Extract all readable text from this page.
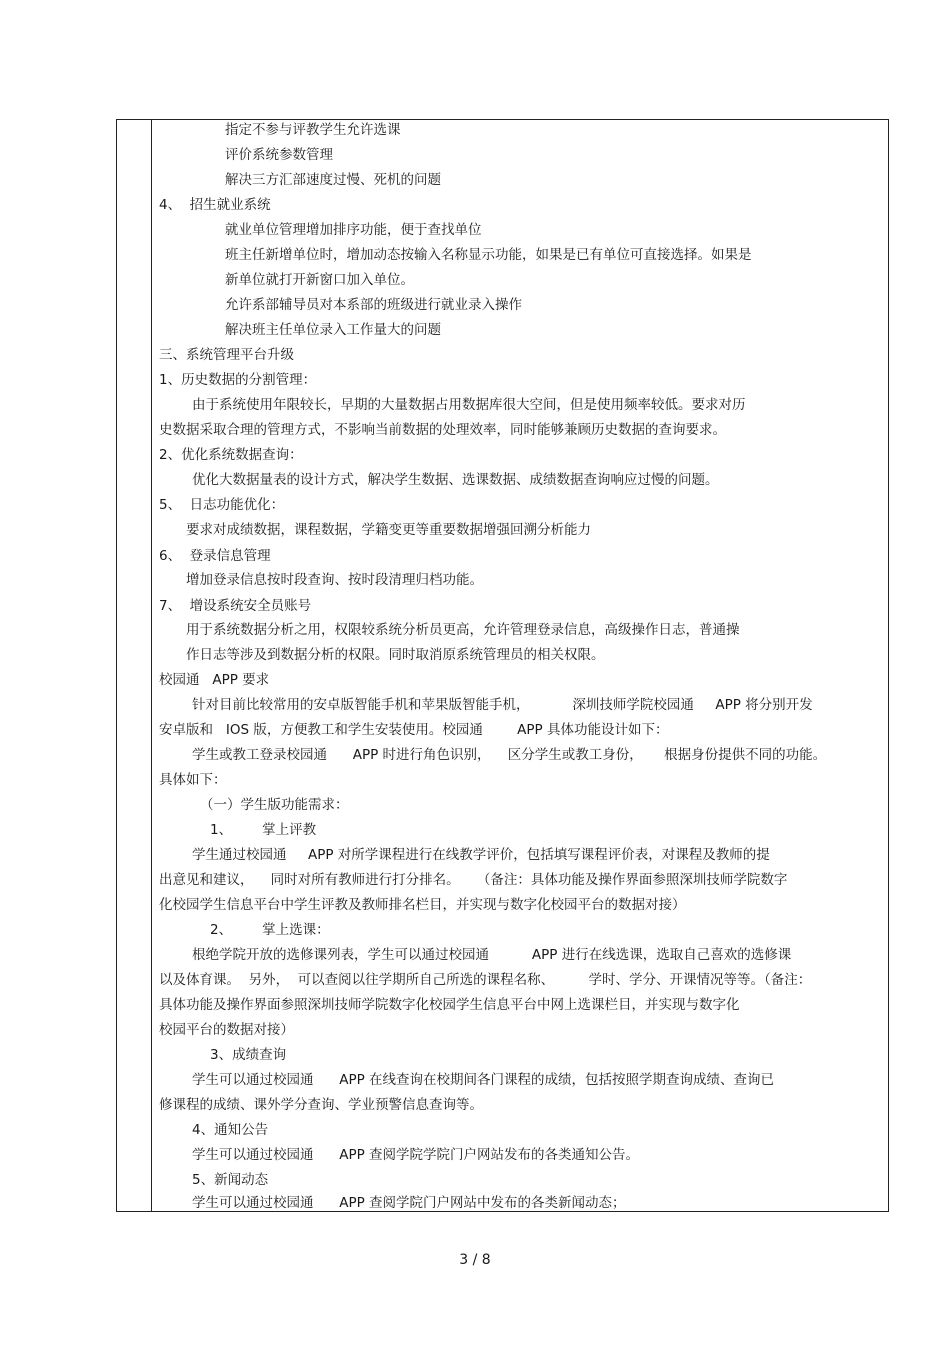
指定不参与评教学生允许选课
评价系统参数管理
解决三方汇部速度过慢、死机的问题
4、  招生就业系统
就业单位管理增加排序功能，便于查找单位
班主任新增单位时，增加动态按输入名称显示功能，如果是已有单位可直接选择。如果是
新单位就打开新窗口加入单位。
允许系部辅导员对本系部的班级进行就业录入操作
解决班主任单位录入工作量大的问题
三、系统管理平台升级
1、历史数据的分割管理：
由于系统使用年限较长，早期的大量数据占用数据库很大空间，但是使用频率较低。要求对历
史数据采取合理的管理方式，不影响当前数据的处理效率，同时能够兼顾历史数据的查询要求。
2、优化系统数据查询：
优化大数据量表的设计方式，解决学生数据、选课数据、成绩数据查询响应过慢的问题。
5、  日志功能优化：
要求对成绩数据，课程数据，学籍变更等重要数据增强回溯分析能力
6、  登录信息管理
增加登录信息按时段查询、按时段清理归档功能。
7、  增设系统安全员账号
用于系统数据分析之用，权限较系统分析员更高，允许管理登录信息，高级操作日志，普通操
作日志等涉及到数据分析的权限。同时取消原系统管理员的相关权限。
校园通   APP 要求
针对目前比较常用的安卓版智能手机和苹果版智能手机，          深圳技师学院校园通     APP 将分别开发
安卓版和   IOS 版，方便教工和学生安装使用。校园通        APP 具体功能设计如下：
学生或教工登录校园通      APP 时进行角色识别，    区分学生或教工身份，     根据身份提供不同的功能。
具体如下：
（一）学生版功能需求：
1、       掌上评教
学生通过校园通     APP 对所学课程进行在线教学评价，包括填写课程评价表，对课程及教师的提
出意见和建议，    同时对所有教师进行打分排名。    （备注：具体功能及操作界面参照深圳技师学院数字
化校园学生信息平台中学生评教及教师排名栏目，并实现与数字化校园平台的数据对接）
2、       掌上选课：
根绝学院开放的选修课列表，学生可以通过校园通          APP 进行在线选课，选取自己喜欢的选修课
以及体育课。  另外，  可以查阅以往学期所自己所选的课程名称、        学时、学分、开课情况等等。（备注：
具体功能及操作界面参照深圳技师学院数字化校园学生信息平台中网上选课栏目，并实现与数字化
校园平台的数据对接）
3、成绩查询
学生可以通过校园通      APP 在线查询在校期间各门课程的成绩，包括按照学期查询成绩、查询已
修课程的成绩、课外学分查询、学业预警信息查询等。
4、通知公告
学生可以通过校园通      APP 查阅学院学院门户网站发布的各类通知公告。
5、新闻动态
学生可以通过校园通      APP 查阅学院门户网站中发布的各类新闻动态；
3 / 8
